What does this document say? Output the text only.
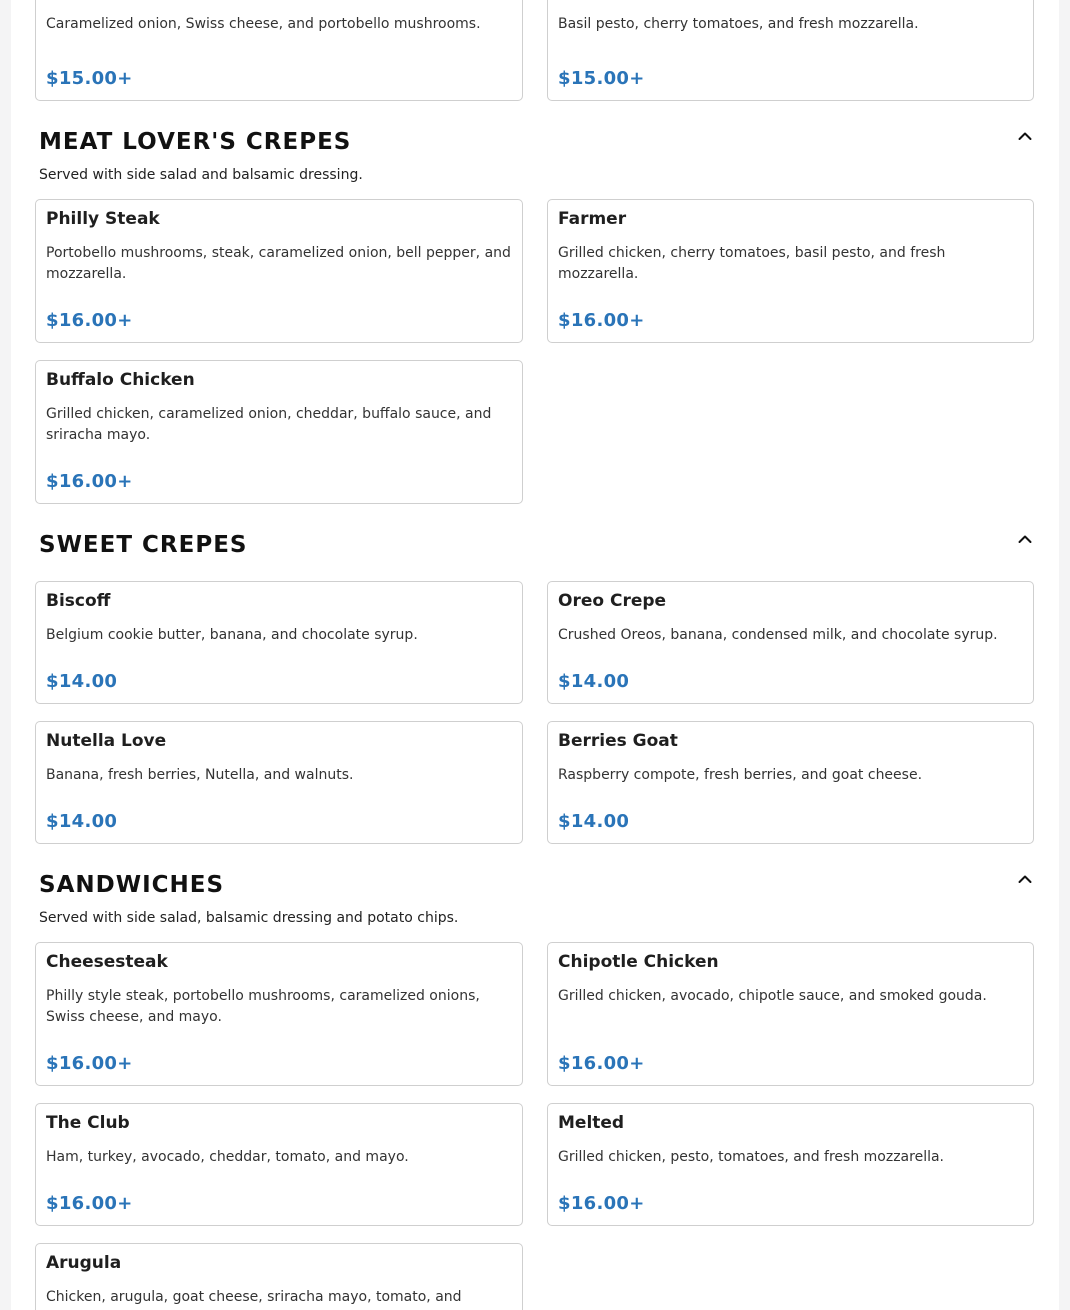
Caramelized onion, Swiss cheese, and portobello mushrooms.
$15.00+
Basil pesto, cherry tomatoes, and fresh mozzarella.
$15.00+
MEAT LOVER'S CREPES
Served with side salad and balsamic dressing.
Philly Steak
Portobello mushrooms, steak, caramelized onion, bell pepper, and mozzarella.
$16.00+
Farmer
Grilled chicken, cherry tomatoes, basil pesto, and fresh mozzarella.
$16.00+
Buffalo Chicken
Grilled chicken, caramelized onion, cheddar, buffalo sauce, and sriracha mayo.
$16.00+
SWEET CREPES
Biscoff
Belgium cookie butter, banana, and chocolate syrup.
$14.00
Oreo Crepe
Crushed Oreos, banana, condensed milk, and chocolate syrup.
$14.00
Nutella Love
Banana, fresh berries, Nutella, and walnuts.
$14.00
Berries Goat
Raspberry compote, fresh berries, and goat cheese.
$14.00
SANDWICHES
Served with side salad, balsamic dressing and potato chips.
Cheesesteak
Philly style steak, portobello mushrooms, caramelized onions, Swiss cheese, and mayo.
$16.00+
Chipotle Chicken
Grilled chicken, avocado, chipotle sauce, and smoked gouda.
$16.00+
The Club
Ham, turkey, avocado, cheddar, tomato, and mayo.
$16.00+
Melted
Grilled chicken, pesto, tomatoes, and fresh mozzarella.
$16.00+
Arugula
Chicken, arugula, goat cheese, sriracha mayo, tomato, and
